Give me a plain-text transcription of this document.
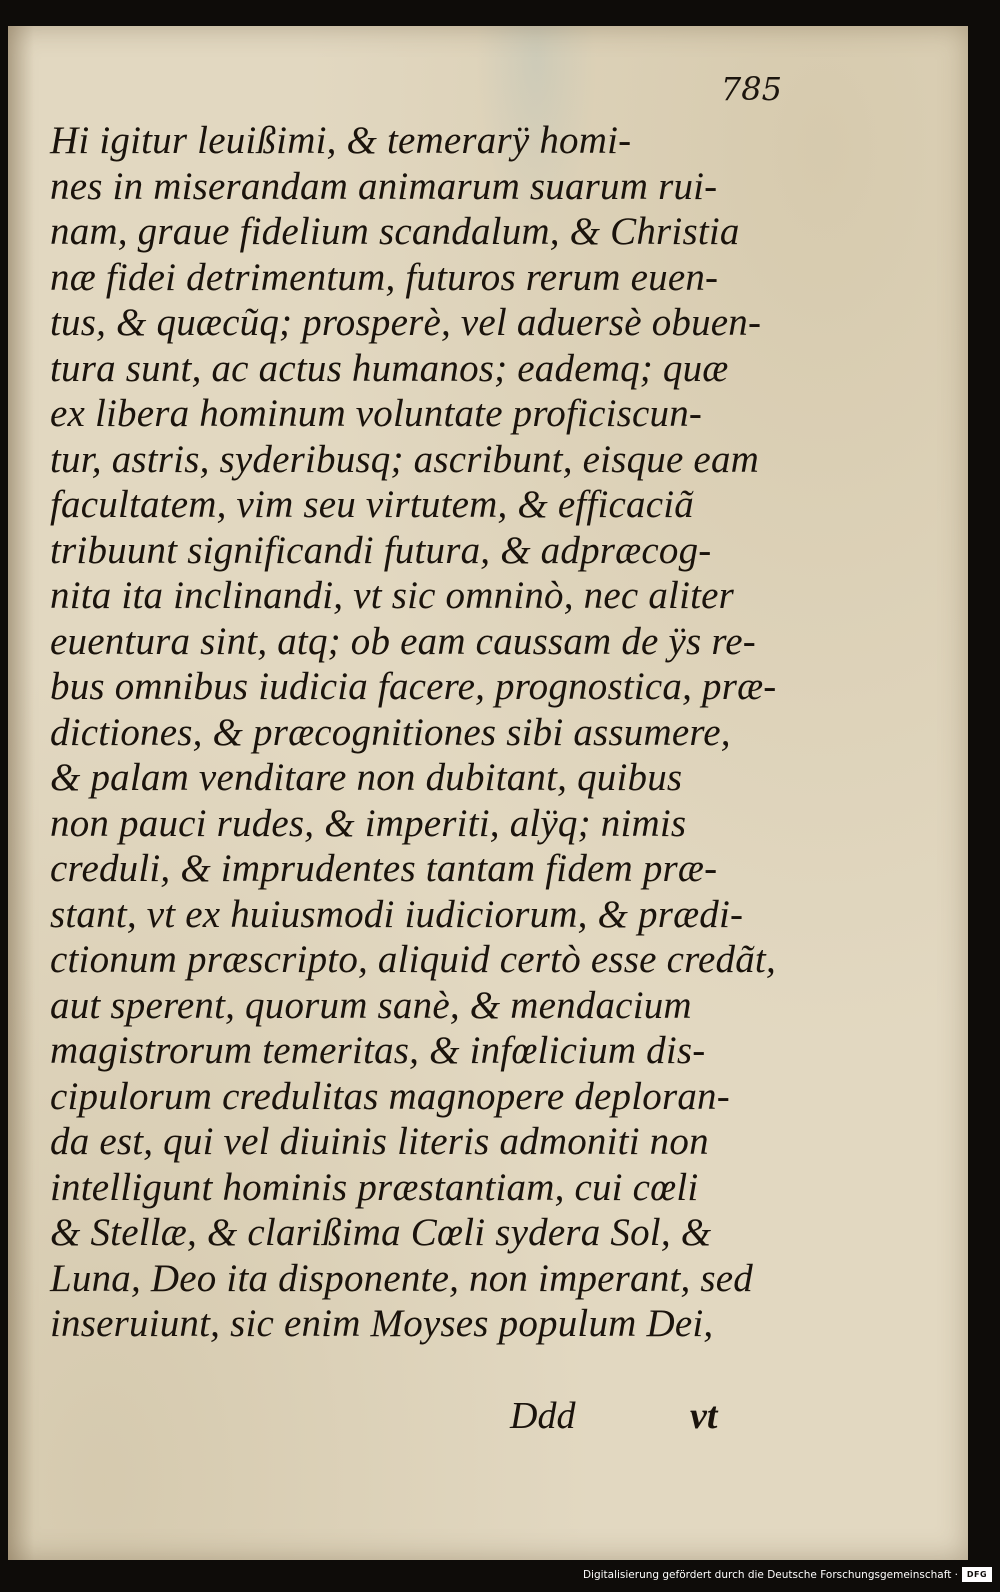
785
Hi igitur leuißimi, & temerarÿ homi-
nes in miserandam animarum suarum rui-
nam, graue fidelium scandalum, & Christia
næ fidei detrimentum, futuros rerum euen-
tus, & quæcũq; prosperè, vel aduersè obuen-
tura sunt, ac actus humanos; eademq; quæ
ex libera hominum voluntate proficiscun-
tur, astris, syderibusq; ascribunt, eisque eam
facultatem, vim seu virtutem, & efficaciã
tribuunt significandi futura, & adpræcog-
nita ita inclinandi, vt sic omninò, nec aliter
euentura sint, atq; ob eam caussam de ÿs re-
bus omnibus iudicia facere, prognostica, præ-
dictiones, & præcognitiones sibi assumere,
& palam venditare non dubitant, quibus
non pauci rudes, & imperiti, alÿq; nimis
creduli, & imprudentes tantam fidem præ-
stant, vt ex huiusmodi iudiciorum, & prædi-
ctionum præscripto, aliquid certò esse credãt,
aut sperent, quorum sanè, & mendacium
magistrorum temeritas, & infœlicium dis-
cipulorum credulitas magnopere deploran-
da est, qui vel diuinis literis admoniti non
intelligunt hominis præstantiam, cui cœli
& Stellæ, & clarißima Cœli sydera Sol, &
Luna, Deo ita disponente, non imperant, sed
inseruiunt, sic enim Moyses populum Dei,
Ddd	vt
Digitalisierung gefördert durch die Deutsche Forschungsgemeinschaft ·	DFG
